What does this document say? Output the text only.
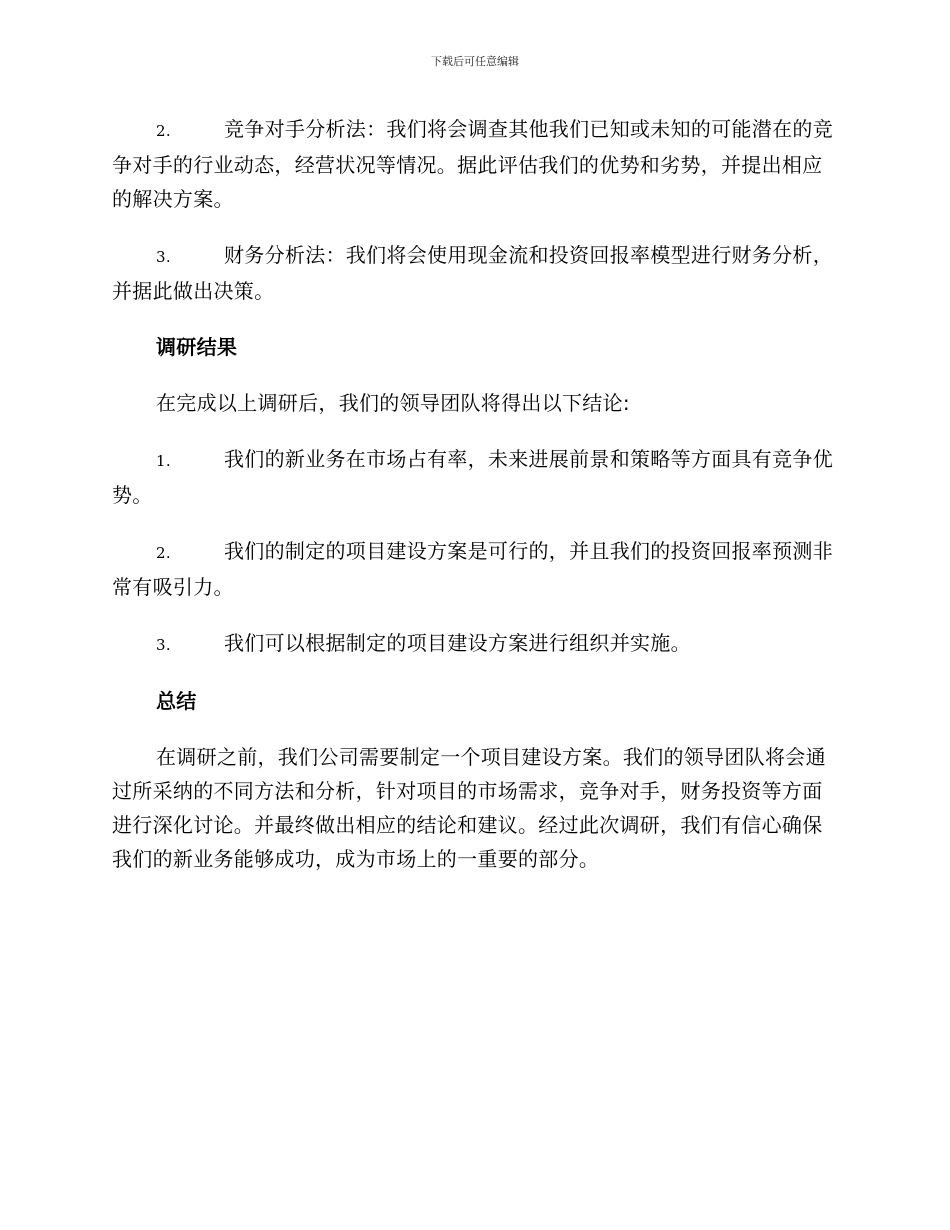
下载后可任意编辑

2.	竞争对手分析法：我们将会调查其他我们已知或未知的可能潜在的竞争对手的行业动态，经营状况等情况。据此评估我们的优势和劣势，并提出相应的解决方案。

3.	财务分析法：我们将会使用现金流和投资回报率模型进行财务分析，并据此做出决策。

调研结果

在完成以上调研后，我们的领导团队将得出以下结论:

1.	我们的新业务在市场占有率，未来进展前景和策略等方面具有竞争优势。

2.	我们的制定的项目建设方案是可行的，并且我们的投资回报率预测非常有吸引力。

3.	我们可以根据制定的项目建设方案进行组织并实施。

总结

在调研之前，我们公司需要制定一个项目建设方案。我们的领导团队将会通过所采纳的不同方法和分析，针对项目的市场需求，竞争对手，财务投资等方面进行深化讨论。并最终做出相应的结论和建议。经过此次调研，我们有信心确保我们的新业务能够成功，成为市场上的一重要的部分。
